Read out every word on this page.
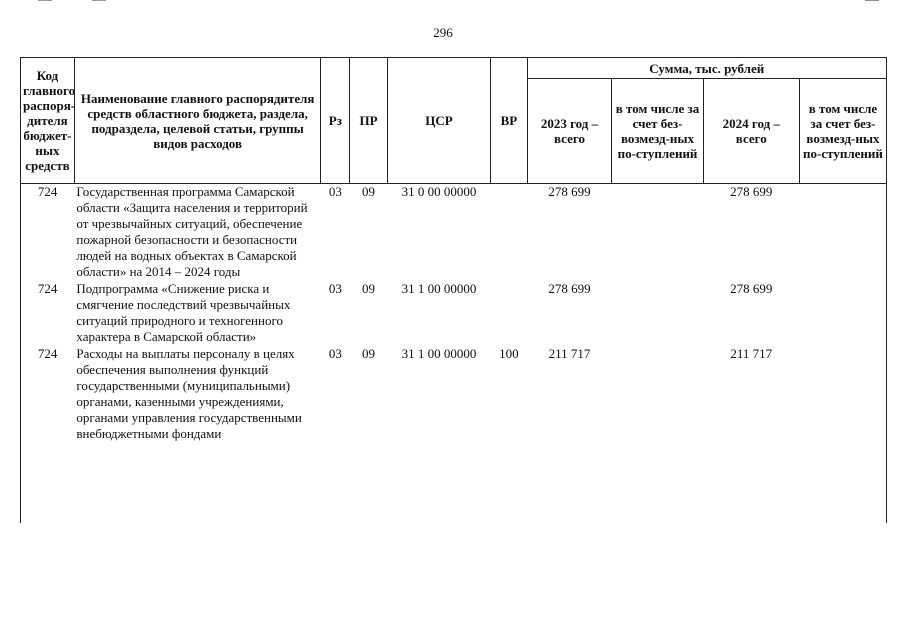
296
Код главного распоря-дителя бюджет-ных средств	Наименование главного распорядителя средств областного бюджета, раздела, подраздела, целевой статьи, группы видов расходов	Рз	ПР	ЦСР	ВР	Сумма, тыс. рублей			
						2023 год – всего	в том числе за счет без-возмезд-ных по-ступлений	2024 год – всего	в том числе за счет без-возмезд-ных по-ступлений
724	Государственная программа Самарской области «Защита населения и территорий от чрезвычайных ситуаций, обеспечение пожарной безопасности и безопасности людей на водных объектах в Самарской области» на 2014 – 2024 годы	03	09	31 0 00 00000		278 699		278 699	
724	Подпрограмма «Снижение риска и смягчение последствий чрезвычайных ситуаций природного и техногенного характера в Самарской области»	03	09	31 1 00 00000		278 699		278 699	
724	Расходы на выплаты персоналу в целях обеспечения выполнения функций государственными (муниципальными) органами, казенными учреждениями, органами управления государственными внебюджетными фондами	03	09	31 1 00 00000	100	211 717		211 717	
